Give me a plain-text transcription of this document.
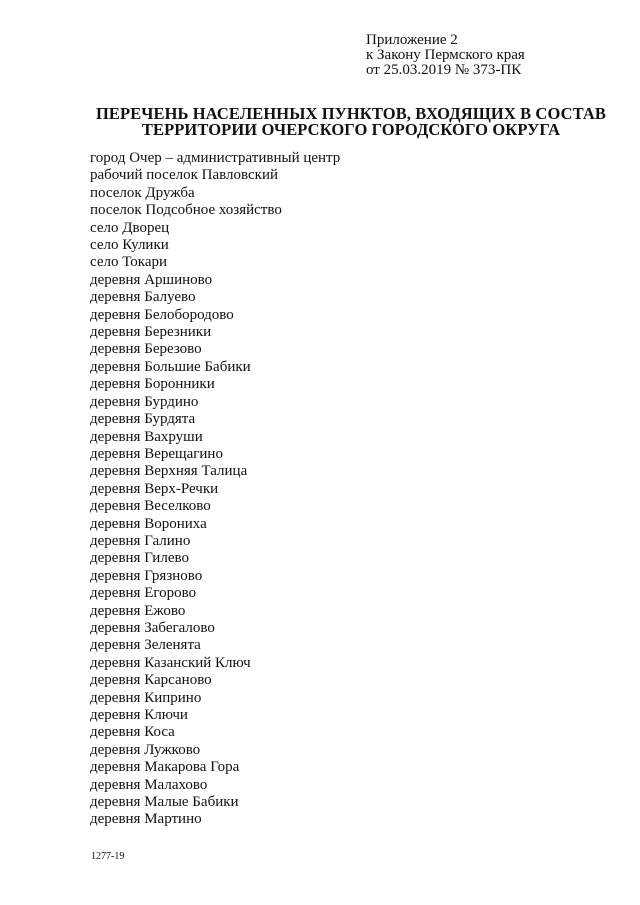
Приложение 2
к Закону Пермского края
от 25.03.2019 № 373-ПК
ПЕРЕЧЕНЬ НАСЕЛЕННЫХ ПУНКТОВ, ВХОДЯЩИХ В СОСТАВ
ТЕРРИТОРИИ ОЧЕРСКОГО ГОРОДСКОГО ОКРУГА
город Очер – административный центр
рабочий поселок Павловский
поселок Дружба
поселок Подсобное хозяйство
село Дворец
село Кулики
село Токари
деревня Аршиново
деревня Балуево
деревня Белобородово
деревня Березники
деревня Березово
деревня Большие Бабики
деревня Боронники
деревня Бурдино
деревня Бурдята
деревня Вахруши
деревня Верещагино
деревня Верхняя Талица
деревня Верх-Речки
деревня Веселково
деревня Ворониха
деревня Галино
деревня Гилево
деревня Грязново
деревня Егорово
деревня Ежово
деревня Забегалово
деревня Зеленята
деревня Казанский Ключ
деревня Карсаново
деревня Киприно
деревня Ключи
деревня Коса
деревня Лужково
деревня Макарова Гора
деревня Малахово
деревня Малые Бабики
деревня Мартино
1277-19
